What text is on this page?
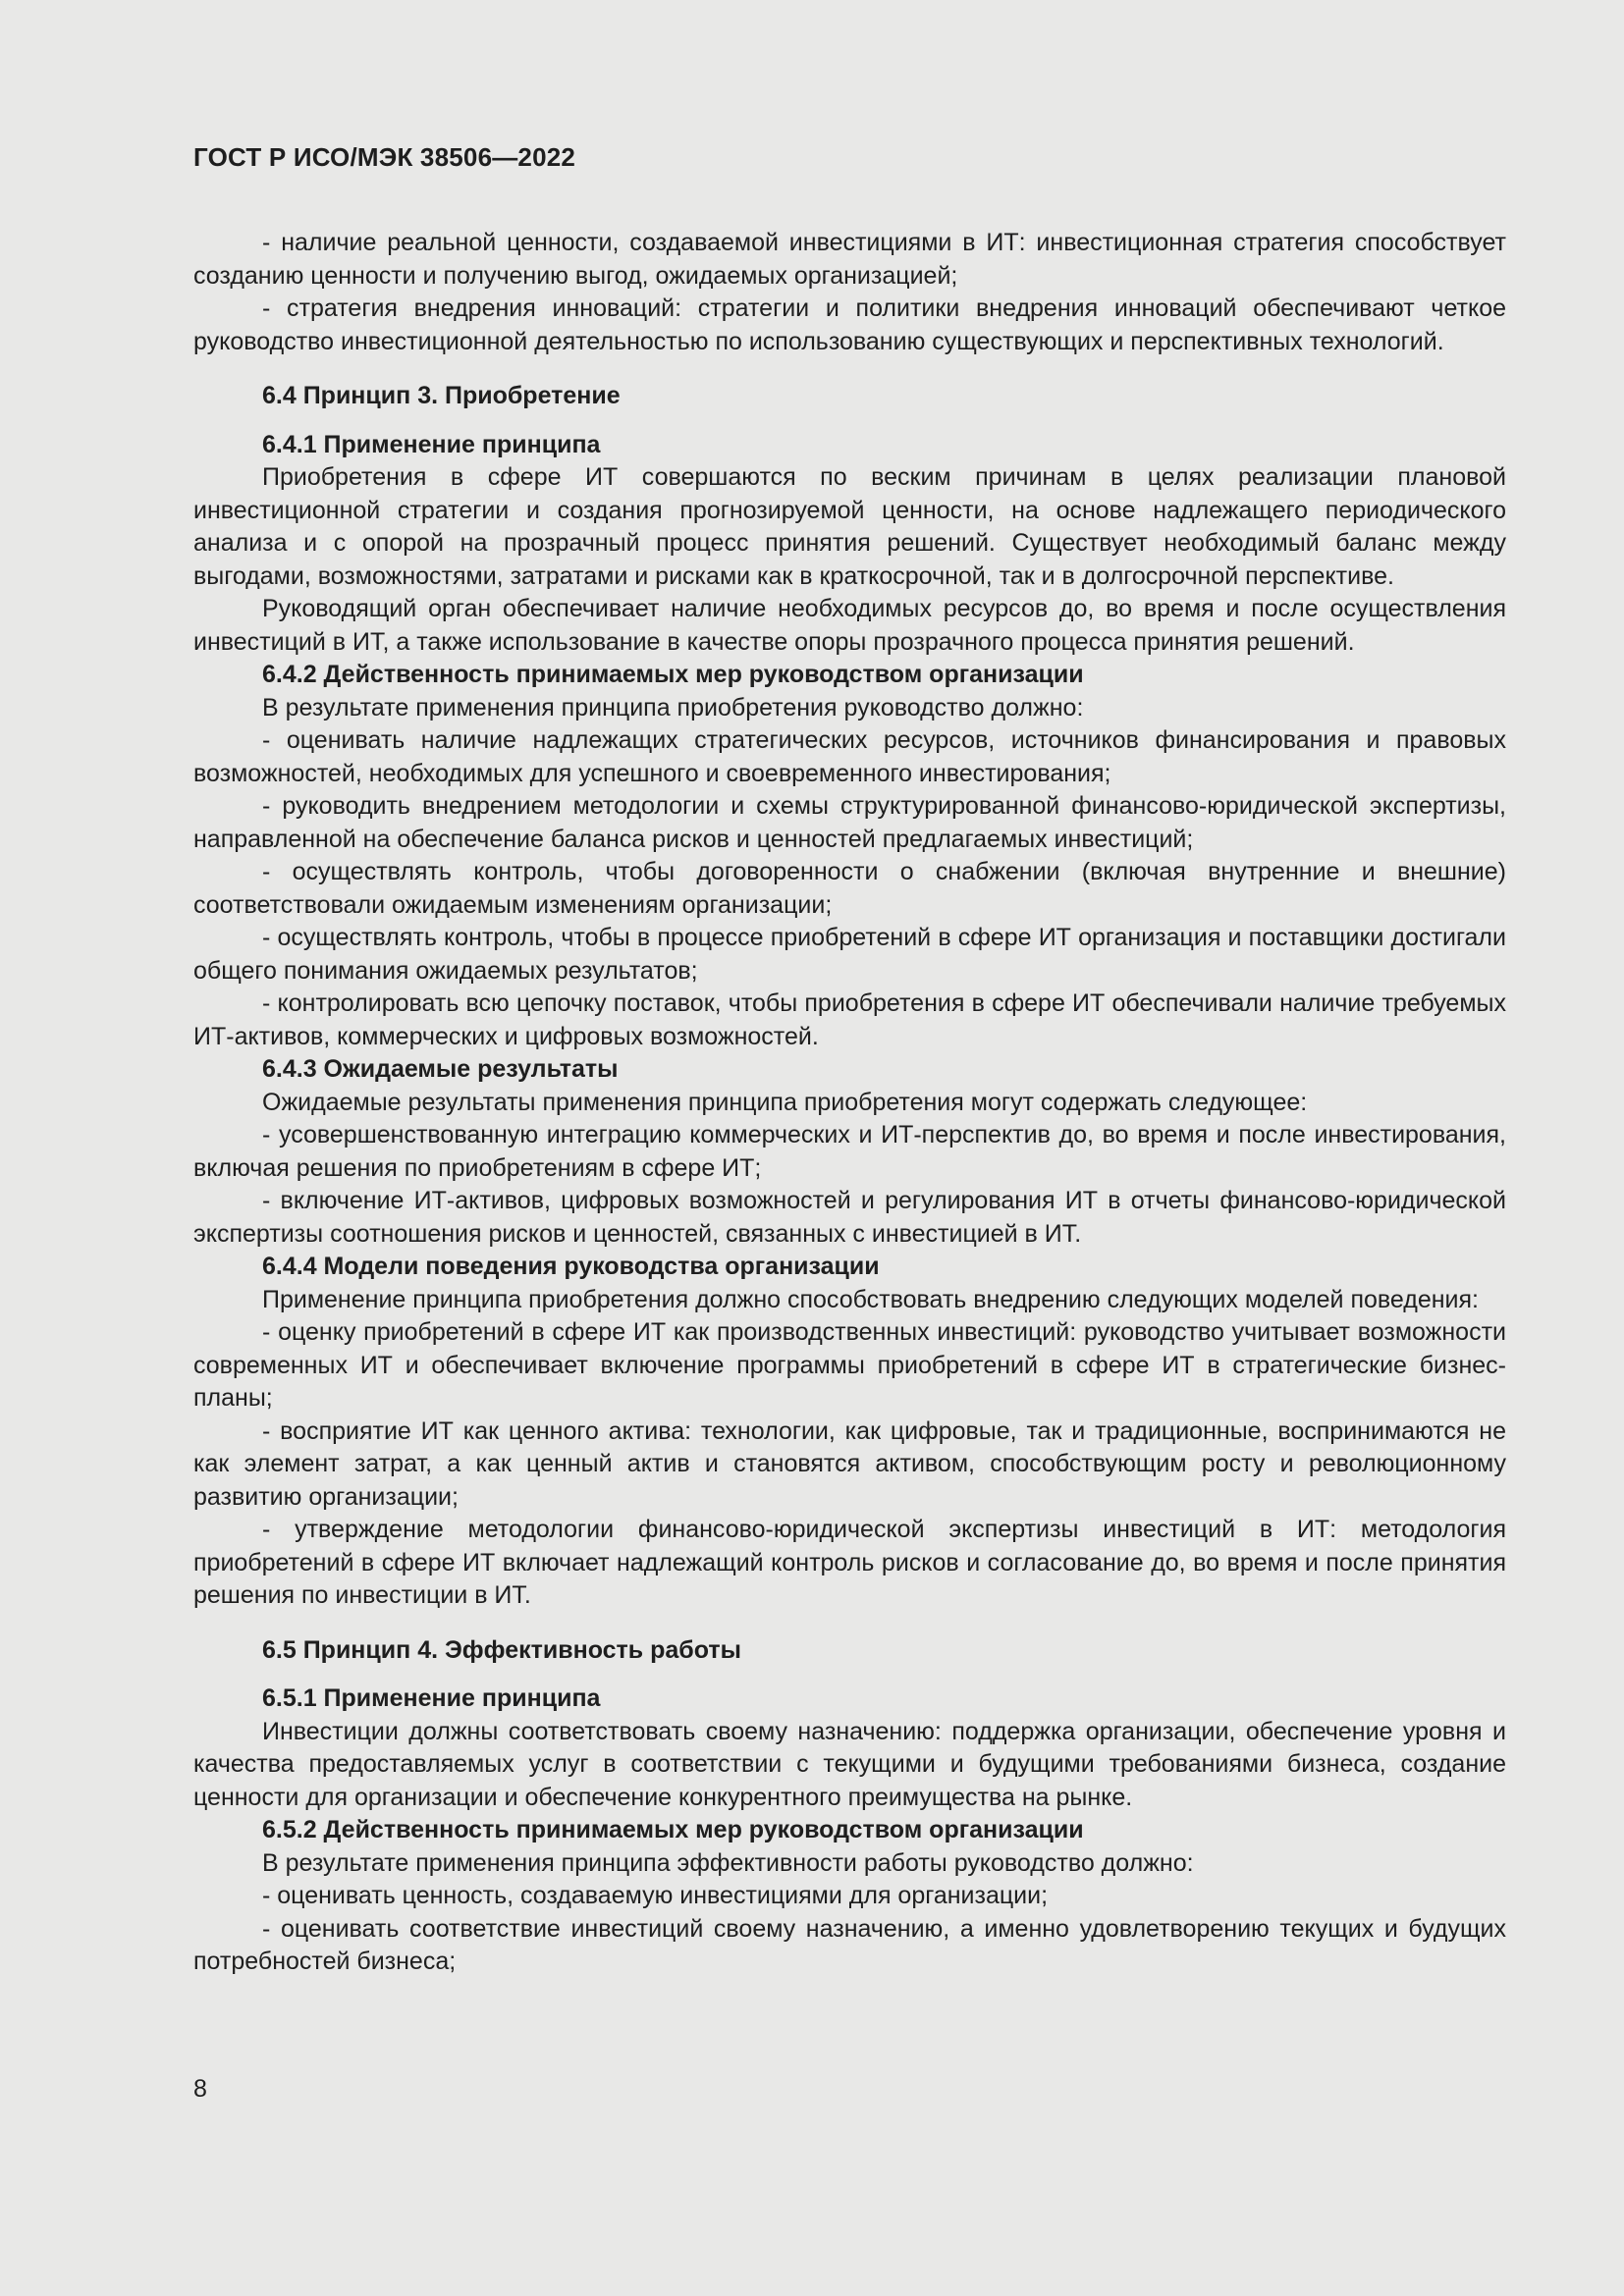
ГОСТ Р ИСО/МЭК 38506—2022

- наличие реальной ценности, создаваемой инвестициями в ИТ: инвестиционная стратегия способствует созданию ценности и получению выгод, ожидаемых организацией;

- стратегия внедрения инноваций: стратегии и политики внедрения инноваций обеспечивают четкое руководство инвестиционной деятельностью по использованию существующих и перспективных технологий.

6.4 Принцип 3. Приобретение

6.4.1 Применение принципа

Приобретения в сфере ИТ совершаются по веским причинам в целях реализации плановой инвестиционной стратегии и создания прогнозируемой ценности, на основе надлежащего периодического анализа и с опорой на прозрачный процесс принятия решений. Существует необходимый баланс между выгодами, возможностями, затратами и рисками как в краткосрочной, так и в долгосрочной перспективе.

Руководящий орган обеспечивает наличие необходимых ресурсов до, во время и после осуществления инвестиций в ИТ, а также использование в качестве опоры прозрачного процесса принятия решений.

6.4.2 Действенность принимаемых мер руководством организации

В результате применения принципа приобретения руководство должно:

- оценивать наличие надлежащих стратегических ресурсов, источников финансирования и правовых возможностей, необходимых для успешного и своевременного инвестирования;

- руководить внедрением методологии и схемы структурированной финансово-юридической экспертизы, направленной на обеспечение баланса рисков и ценностей предлагаемых инвестиций;

- осуществлять контроль, чтобы договоренности о снабжении (включая внутренние и внешние) соответствовали ожидаемым изменениям организации;

- осуществлять контроль, чтобы в процессе приобретений в сфере ИТ организация и поставщики достигали общего понимания ожидаемых результатов;

- контролировать всю цепочку поставок, чтобы приобретения в сфере ИТ обеспечивали наличие требуемых ИТ-активов, коммерческих и цифровых возможностей.

6.4.3 Ожидаемые результаты

Ожидаемые результаты применения принципа приобретения могут содержать следующее:

- усовершенствованную интеграцию коммерческих и ИТ-перспектив до, во время и после инвестирования, включая решения по приобретениям в сфере ИТ;

- включение ИТ-активов, цифровых возможностей и регулирования ИТ в отчеты финансово-юридической экспертизы соотношения рисков и ценностей, связанных с инвестицией в ИТ.

6.4.4 Модели поведения руководства организации

Применение принципа приобретения должно способствовать внедрению следующих моделей поведения:

- оценку приобретений в сфере ИТ как производственных инвестиций: руководство учитывает возможности современных ИТ и обеспечивает включение программы приобретений в сфере ИТ в стратегические бизнес-планы;

- восприятие ИТ как ценного актива: технологии, как цифровые, так и традиционные, воспринимаются не как элемент затрат, а как ценный актив и становятся активом, способствующим росту и революционному развитию организации;

- утверждение методологии финансово-юридической экспертизы инвестиций в ИТ: методология приобретений в сфере ИТ включает надлежащий контроль рисков и согласование до, во время и после принятия решения по инвестиции в ИТ.

6.5 Принцип 4. Эффективность работы

6.5.1 Применение принципа

Инвестиции должны соответствовать своему назначению: поддержка организации, обеспечение уровня и качества предоставляемых услуг в соответствии с текущими и будущими требованиями бизнеса, создание ценности для организации и обеспечение конкурентного преимущества на рынке.

6.5.2 Действенность принимаемых мер руководством организации

В результате применения принципа эффективности работы руководство должно:

- оценивать ценность, создаваемую инвестициями для организации;

- оценивать соответствие инвестиций своему назначению, а именно удовлетворению текущих и будущих потребностей бизнеса;

8
